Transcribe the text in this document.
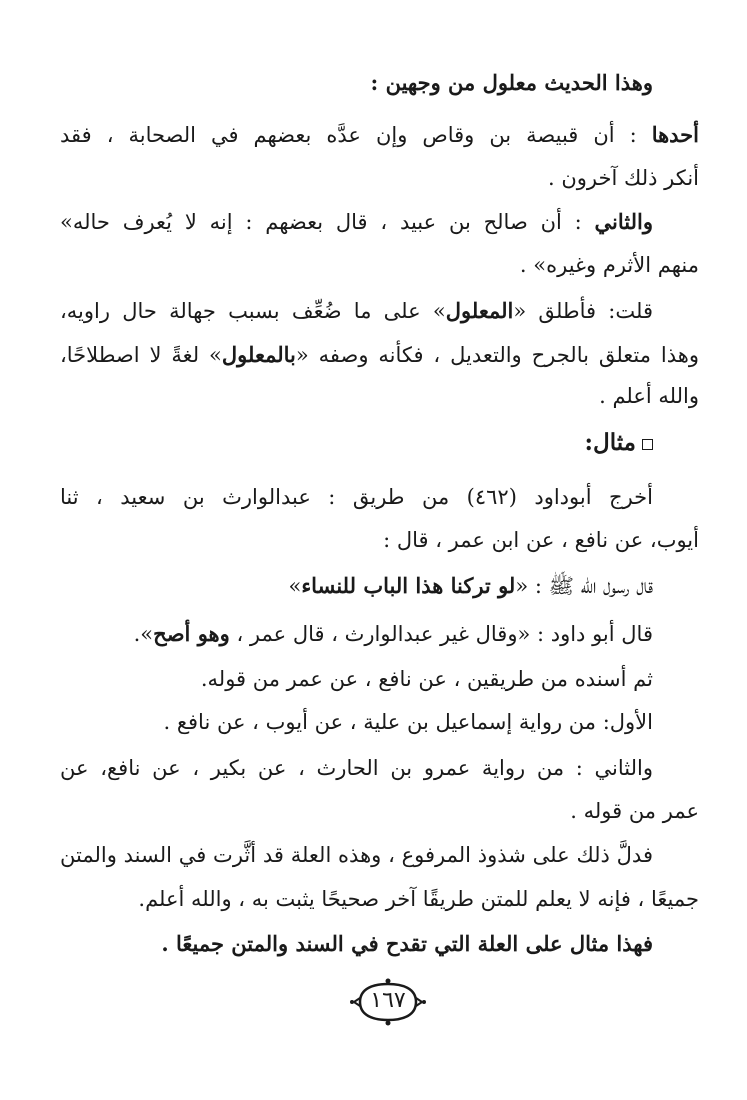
وهذا الحديث معلول من وجهين :
أحدها : أن قبيصة بن وقاص وإن عدَّه بعضهم في الصحابة ، فقد
أنكر ذلك آخرون .
والثاني : أن صالح بن عبيد ، قال بعضهم : إنه لا يُعرف حاله»
منهم الأثرم وغيره» .
قلت: فأطلق «المعلول» على ما ضُعِّف بسبب جهالة حال راويه،
وهذا متعلق بالجرح والتعديل ، فكأنه وصفه «بالمعلول» لغةً لا اصطلاحًا،
والله أعلم .
مثال:
أخرج أبوداود (٤٦٢) من طريق : عبدالوارث بن سعيد ، ثنا
أيوب، عن نافع ، عن ابن عمر ، قال :
قال رسول الله ﷺ : «لو تركنا هذا الباب للنساء»
قال أبو داود : «وقال غير عبدالوارث ، قال عمر ، وهو أصح».
ثم أسنده من طريقين ، عن نافع ، عن عمر من قوله.
الأول: من رواية إسماعيل بن علية ، عن أيوب ، عن نافع .
والثاني : من رواية عمرو بن الحارث ، عن بكير ، عن نافع، عن
عمر من قوله .
فدلَّ ذلك على شذوذ المرفوع ، وهذه العلة قد أثَّرت في السند والمتن
جميعًا ، فإنه لا يعلم للمتن طريقًا آخر صحيحًا يثبت به ، والله أعلم.
فهذا مثال على العلة التي تقدح في السند والمتن جميعًا .
١٦٧
